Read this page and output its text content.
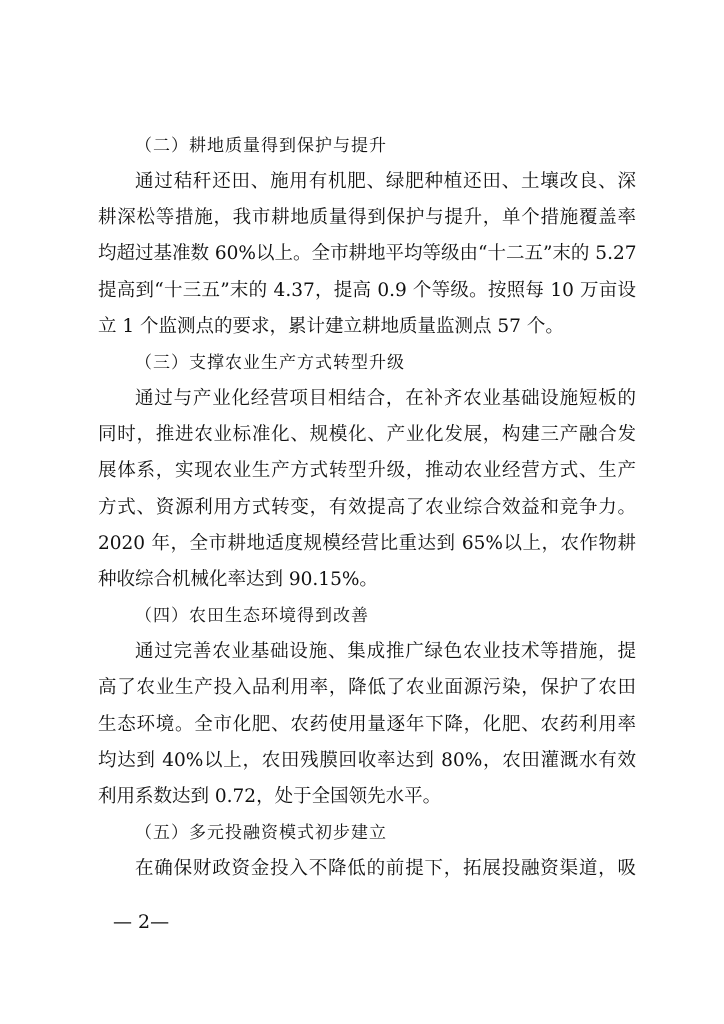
（二）耕地质量得到保护与提升

通过秸秆还田、施用有机肥、绿肥种植还田、土壤改良、深
耕深松等措施，我市耕地质量得到保护与提升，单个措施覆盖率
均超过基准数 60%以上。全市耕地平均等级由“十二五”末的 5.27
提高到“十三五”末的 4.37，提高 0.9 个等级。按照每 10 万亩设
立 1 个监测点的要求，累计建立耕地质量监测点 57 个。

（三）支撑农业生产方式转型升级

通过与产业化经营项目相结合，在补齐农业基础设施短板的
同时，推进农业标准化、规模化、产业化发展，构建三产融合发
展体系，实现农业生产方式转型升级，推动农业经营方式、生产
方式、资源利用方式转变，有效提高了农业综合效益和竞争力。
2020 年，全市耕地适度规模经营比重达到 65%以上，农作物耕
种收综合机械化率达到 90.15%。

（四）农田生态环境得到改善

通过完善农业基础设施、集成推广绿色农业技术等措施，提
高了农业生产投入品利用率，降低了农业面源污染，保护了农田
生态环境。全市化肥、农药使用量逐年下降，化肥、农药利用率
均达到 40%以上，农田残膜回收率达到 80%，农田灌溉水有效
利用系数达到 0.72，处于全国领先水平。

（五）多元投融资模式初步建立

在确保财政资金投入不降低的前提下，拓展投融资渠道，吸

— 2—
